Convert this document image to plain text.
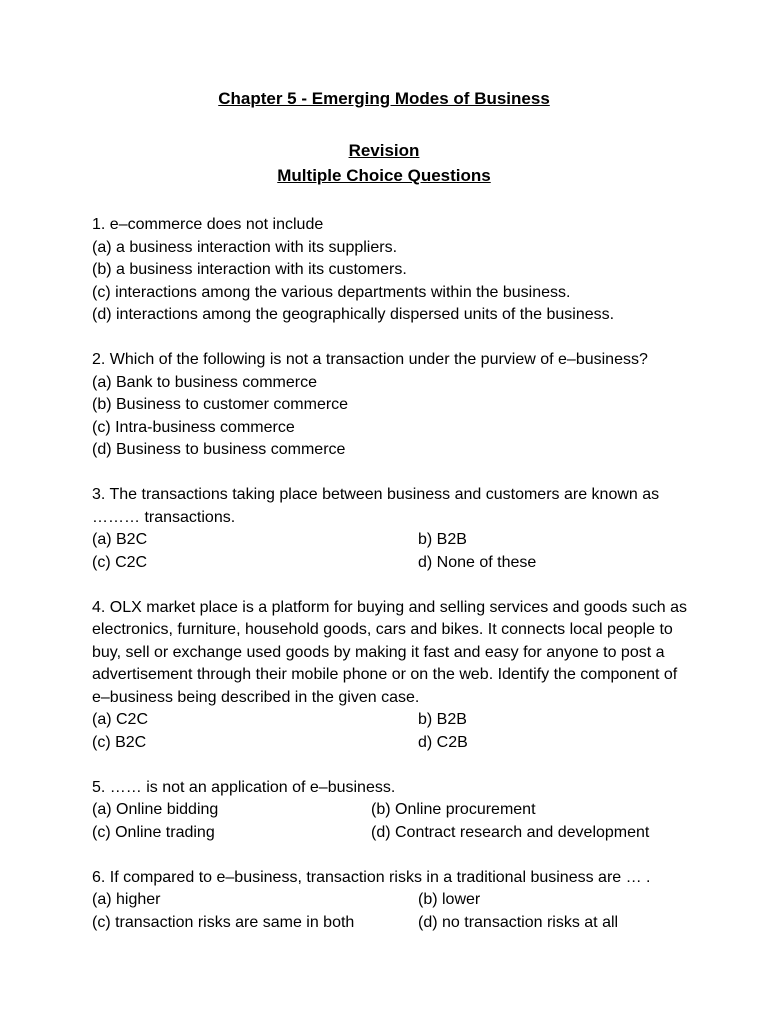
Chapter 5 - Emerging Modes of Business
Revision
Multiple Choice Questions
1. e–commerce does not include
(a) a business interaction with its suppliers.
(b) a business interaction with its customers.
(c) interactions among the various departments within the business.
(d) interactions among the geographically dispersed units of the business.
2. Which of the following is not a transaction under the purview of e–business?
(a) Bank to business commerce
(b) Business to customer commerce
(c) Intra-business commerce
(d) Business to business commerce
3. The transactions taking place between business and customers are known as ……… transactions.
(a) B2C	b) B2B
(c) C2C	d) None of these
4. OLX market place is a platform for buying and selling services and goods such as electronics, furniture, household goods, cars and bikes. It connects local people to buy, sell or exchange used goods by making it fast and easy for anyone to post a advertisement through their mobile phone or on the web. Identify the component of e–business being described in the given case.
(a) C2C	b) B2B
(c) B2C	d) C2B
5. …… is not an application of e–business.
(a) Online bidding	(b) Online procurement
(c) Online trading	(d) Contract research and development
6. If compared to e–business, transaction risks in a traditional business are … .
(a) higher	(b) lower
(c) transaction risks are same in both	(d) no transaction risks at all
